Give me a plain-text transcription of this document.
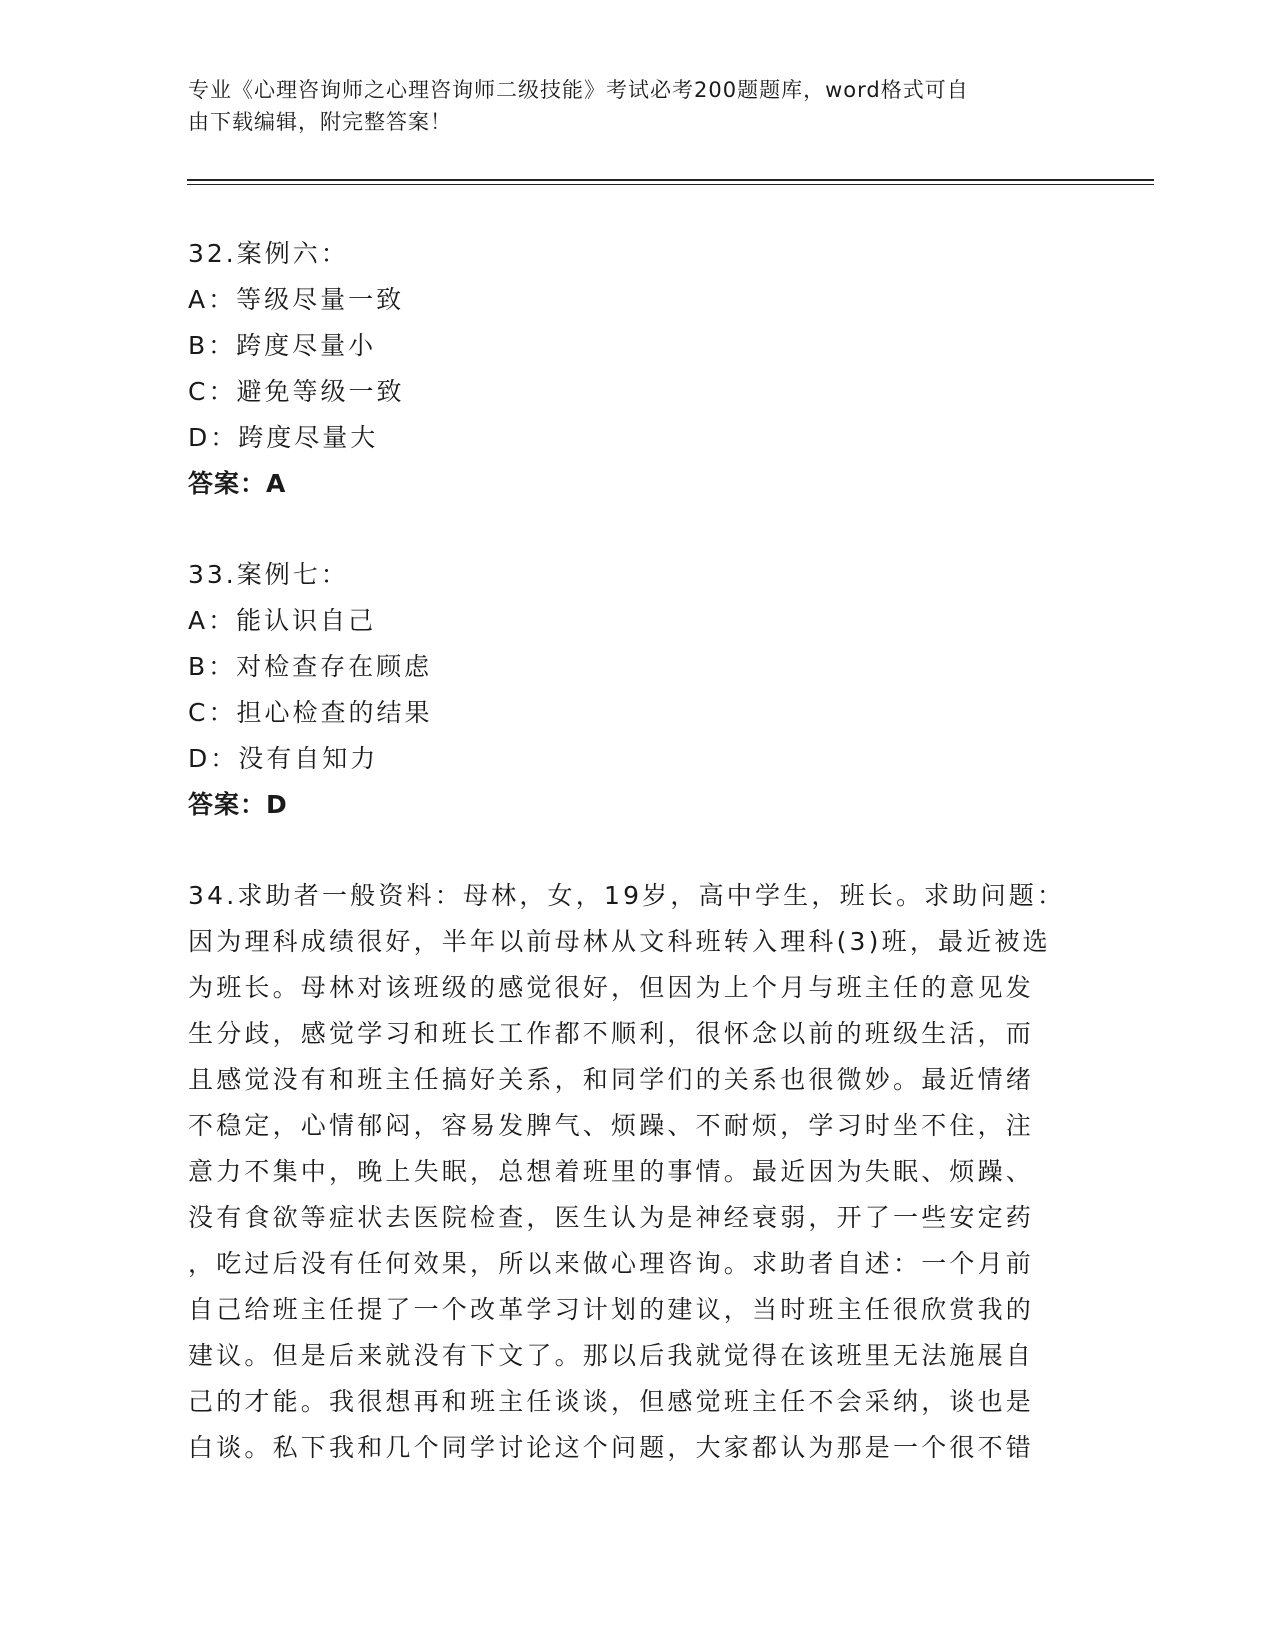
专业《心理咨询师之心理咨询师二级技能》考试必考200题题库，word格式可自
由下载编辑，附完整答案！
32.案例六：
A：等级尽量一致
B：跨度尽量小
C：避免等级一致
D：跨度尽量大
答案：A
33.案例七：
A：能认识自己
B：对检查存在顾虑
C：担心检查的结果
D：没有自知力
答案：D
34.求助者一般资料：母林，女，19岁，高中学生，班长。求助问题：
因为理科成绩很好，半年以前母林从文科班转入理科(3)班，最近被选
为班长。母林对该班级的感觉很好，但因为上个月与班主任的意见发
生分歧，感觉学习和班长工作都不顺利，很怀念以前的班级生活，而
且感觉没有和班主任搞好关系，和同学们的关系也很微妙。最近情绪
不稳定，心情郁闷，容易发脾气、烦躁、不耐烦，学习时坐不住，注
意力不集中，晚上失眠，总想着班里的事情。最近因为失眠、烦躁、
没有食欲等症状去医院检查，医生认为是神经衰弱，开了一些安定药
，吃过后没有任何效果，所以来做心理咨询。求助者自述：一个月前
自己给班主任提了一个改革学习计划的建议，当时班主任很欣赏我的
建议。但是后来就没有下文了。那以后我就觉得在该班里无法施展自
己的才能。我很想再和班主任谈谈，但感觉班主任不会采纳，谈也是
白谈。私下我和几个同学讨论这个问题，大家都认为那是一个很不错
